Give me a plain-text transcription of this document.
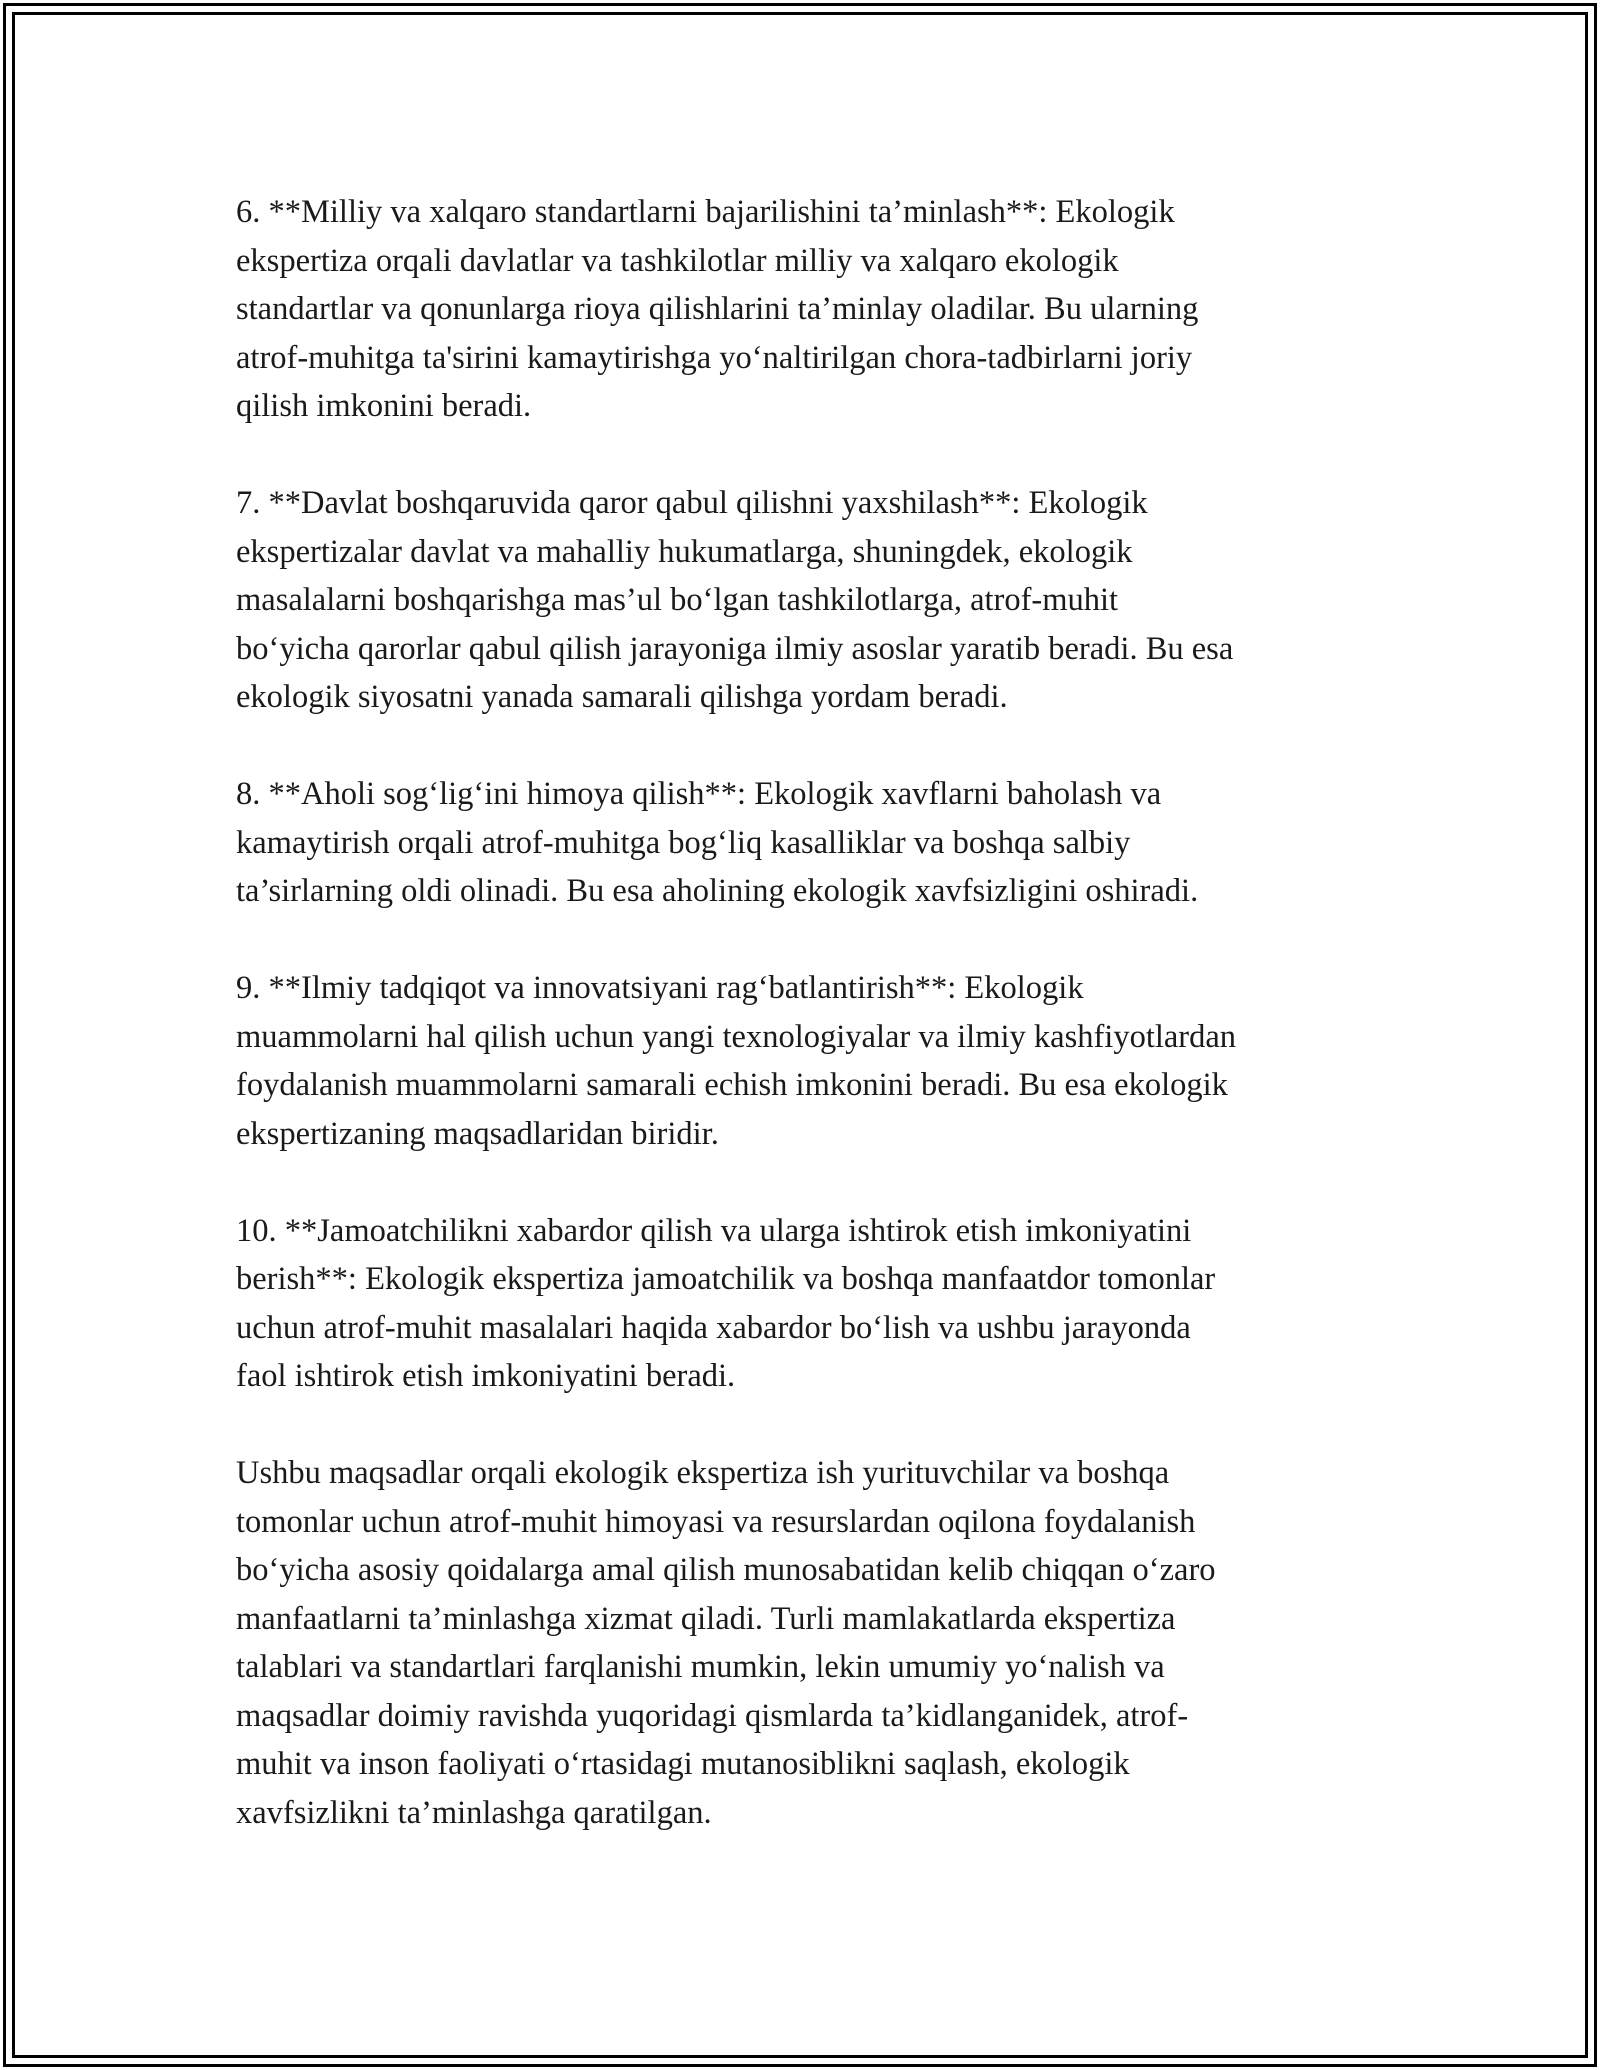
6. **Milliy va xalqaro standartlarni bajarilishini ta’minlash**: Ekologik
ekspertiza orqali davlatlar va tashkilotlar milliy va xalqaro ekologik
standartlar va qonunlarga rioya qilishlarini ta’minlay oladilar. Bu ularning
atrof-muhitga ta'sirini kamaytirishga yo‘naltirilgan chora-tadbirlarni joriy
qilish imkonini beradi.

7. **Davlat boshqaruvida qaror qabul qilishni yaxshilash**: Ekologik
ekspertizalar davlat va mahalliy hukumatlarga, shuningdek, ekologik
masalalarni boshqarishga mas’ul bo‘lgan tashkilotlarga, atrof-muhit
bo‘yicha qarorlar qabul qilish jarayoniga ilmiy asoslar yaratib beradi. Bu esa
ekologik siyosatni yanada samarali qilishga yordam beradi.

8. **Aholi sog‘lig‘ini himoya qilish**: Ekologik xavflarni baholash va
kamaytirish orqali atrof-muhitga bog‘liq kasalliklar va boshqa salbiy
ta’sirlarning oldi olinadi. Bu esa aholining ekologik xavfsizligini oshiradi.

9. **Ilmiy tadqiqot va innovatsiyani rag‘batlantirish**: Ekologik
muammolarni hal qilish uchun yangi texnologiyalar va ilmiy kashfiyotlardan
foydalanish muammolarni samarali echish imkonini beradi. Bu esa ekologik
ekspertizaning maqsadlaridan biridir.

10. **Jamoatchilikni xabardor qilish va ularga ishtirok etish imkoniyatini
berish**: Ekologik ekspertiza jamoatchilik va boshqa manfaatdor tomonlar
uchun atrof-muhit masalalari haqida xabardor bo‘lish va ushbu jarayonda
faol ishtirok etish imkoniyatini beradi.

Ushbu maqsadlar orqali ekologik ekspertiza ish yurituvchilar va boshqa
tomonlar uchun atrof-muhit himoyasi va resurslardan oqilona foydalanish
bo‘yicha asosiy qoidalarga amal qilish munosabatidan kelib chiqqan o‘zaro
manfaatlarni ta’minlashga xizmat qiladi. Turli mamlakatlarda ekspertiza
talablari va standartlari farqlanishi mumkin, lekin umumiy yo‘nalish va
maqsadlar doimiy ravishda yuqoridagi qismlarda ta’kidlanganidek, atrof-
muhit va inson faoliyati o‘rtasidagi mutanosiblikni saqlash, ekologik
xavfsizlikni ta’minlashga qaratilgan.
